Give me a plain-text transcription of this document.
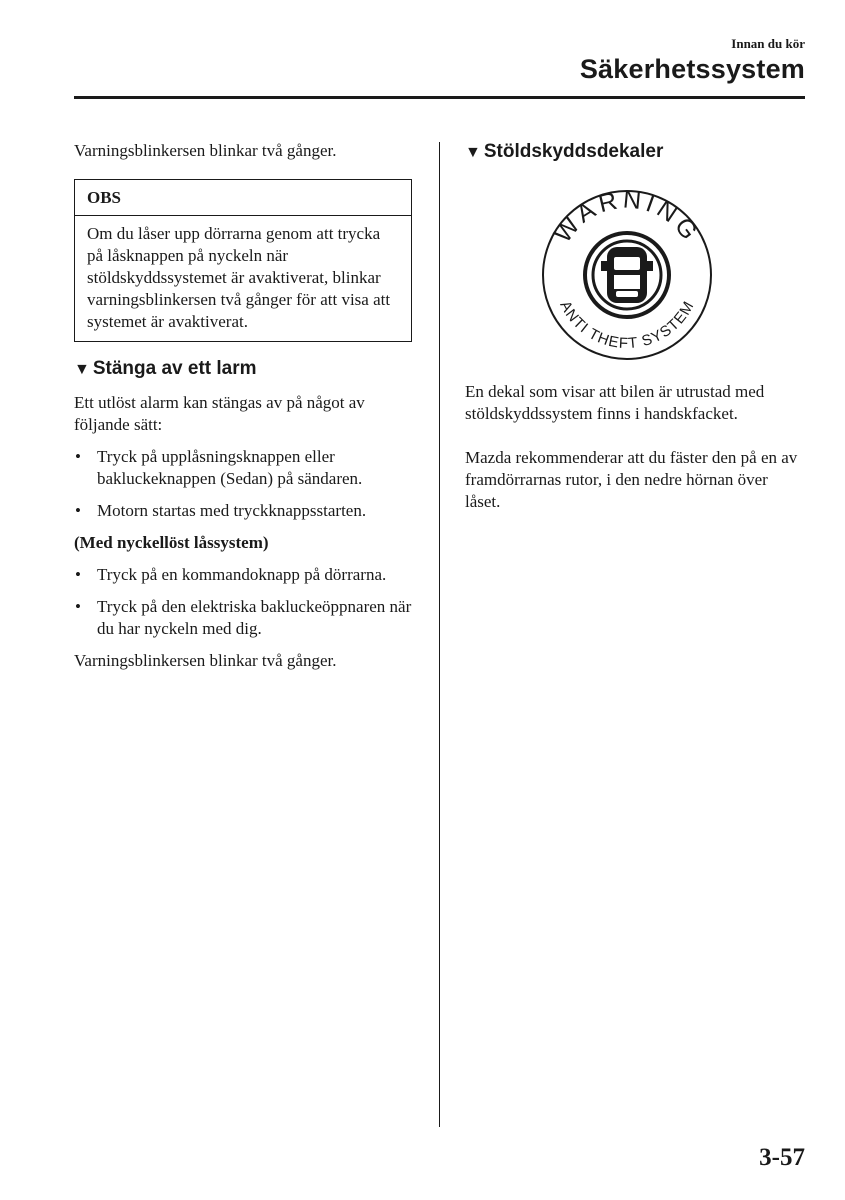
Innan du kör
Säkerhetssystem

Varningsblinkersen blinkar två gånger.

OBS
Om du låser upp dörrarna genom att trycka på låsknappen på nyckeln när stöldskyddssystemet är avaktiverat, blinkar varningsblinkersen två gånger för att visa att systemet är avaktiverat.
▼ Stänga av ett larm

Ett utlöst alarm kan stängas av på något av följande sätt:

• Tryck på upplåsningsknappen eller bakluckeknappen (Sedan) på sändaren.
• Motorn startas med tryckknappsstarten.

(Med nyckellöst låssystem)

• Tryck på en kommandoknapp på dörrarna.
• Tryck på den elektriska bakluckeöppnaren när du har nyckeln med dig.

Varningsblinkersen blinkar två gånger.

▼ Stöldskyddsdekaler
WARNING
ANTI THEFT SYSTEM

En dekal som visar att bilen är utrustad med stöldskyddssystem finns i handskfacket.

Mazda rekommenderar att du fäster den på en av framdörrarnas rutor, i den nedre hörnan över låset.

3-57
